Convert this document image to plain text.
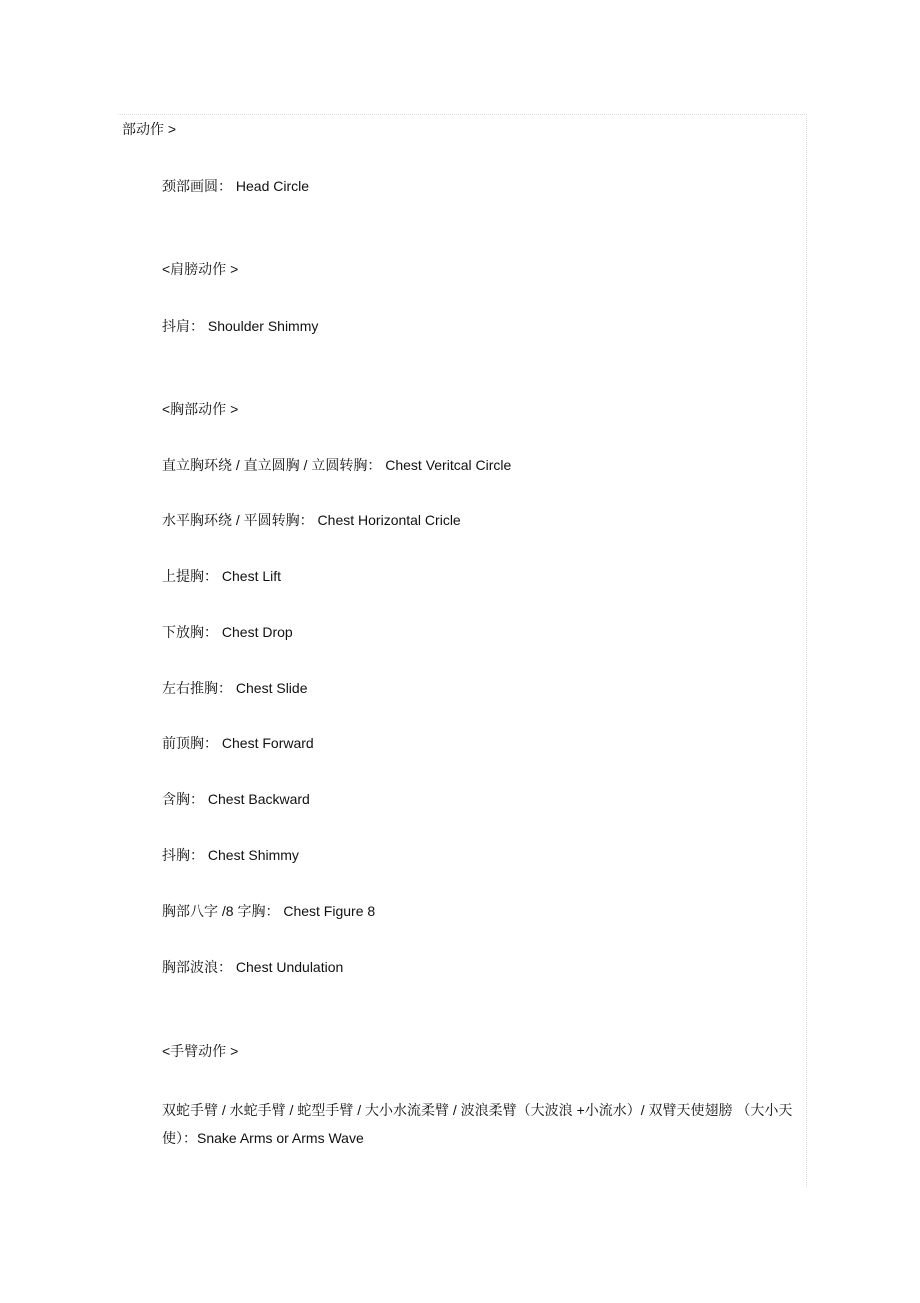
部动作 >
颈部画圆： Head Circle
<肩膀动作 >
抖肩： Shoulder Shimmy
<胸部动作 >
直立胸环绕 / 直立圆胸 / 立圆转胸： Chest Veritcal Circle
水平胸环绕 / 平圆转胸： Chest Horizontal Cricle
上提胸： Chest Lift
下放胸： Chest Drop
左右推胸： Chest Slide
前顶胸： Chest Forward
含胸： Chest Backward
抖胸： Chest Shimmy
胸部八字 /8 字胸： Chest Figure 8
胸部波浪： Chest Undulation
<手臂动作 >
双蛇手臂 / 水蛇手臂 / 蛇型手臂 / 大小水流柔臂 / 波浪柔臂（大波浪 +小流水）/ 双臂天使翅膀 （大小天使）：Snake Arms or Arms Wave
